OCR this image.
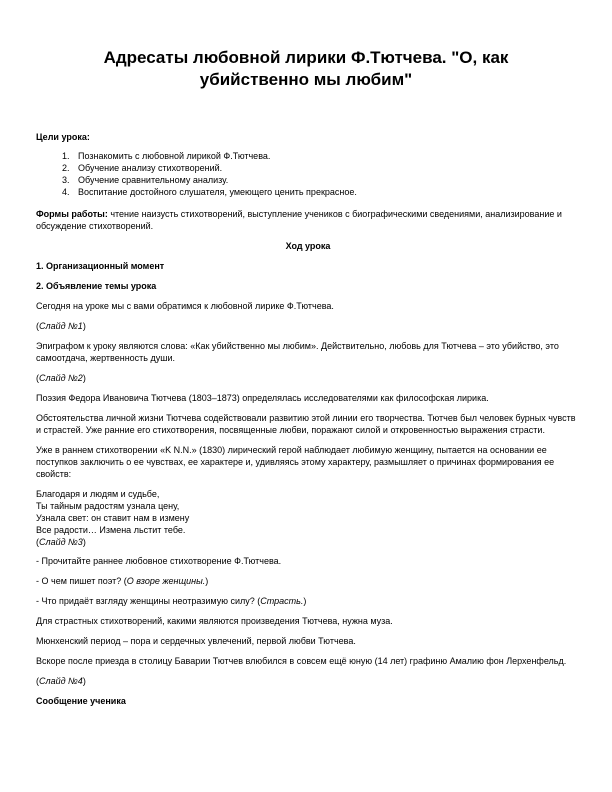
Адресаты любовной лирики Ф.Тютчева. "О, как убийственно мы любим"

Цели урока:

1. Познакомить с любовной лирикой Ф.Тютчева.
2. Обучение анализу стихотворений.
3. Обучение сравнительному анализу.
4. Воспитание достойного слушателя, умеющего ценить прекрасное.

Формы работы: чтение наизусть стихотворений, выступление учеников с биографическими сведениями, анализирование и обсуждение стихотворений.

Ход урока

1. Организационный момент

2. Объявление темы урока

Сегодня на уроке мы с вами обратимся к любовной лирике Ф.Тютчева.

(Слайд №1)

Эпиграфом к уроку являются слова: «Как убийственно мы любим». Действительно, любовь для Тютчева – это убийство, это самоотдача, жертвенность души.

(Слайд №2)

Поэзия Федора Ивановича Тютчева (1803–1873) определялась исследователями как философская лирика.

Обстоятельства личной жизни Тютчева содействовали развитию этой линии его творчества. Тютчев был человек бурных чувств и страстей. Уже ранние его стихотворения, посвященные любви, поражают силой и откровенностью выражения страсти.

Уже в раннем стихотворении «K N.N.» (1830) лирический герой наблюдает любимую женщину, пытается на основании ее поступков заключить о ее чувствах, ее характере и, удивляясь этому характеру, размышляет о причинах формирования ее свойств:

Благодаря и людям и судьбе,
Ты тайным радостям узнала цену,
Узнала свет: он ставит нам в измену
Все радости… Измена льстит тебе.
(Слайд №3)

- Прочитайте раннее любовное стихотворение Ф.Тютчева.

- О чем пишет поэт? (О взоре женщины.)

- Что придаёт взгляду женщины неотразимую силу? (Страсть.)

Для страстных стихотворений, какими являются произведения Тютчева, нужна муза.

Мюнхенский период – пора и сердечных увлечений, первой любви Тютчева.

Вскоре после приезда в столицу Баварии Тютчев влюбился в совсем ещё юную (14 лет) графиню Амалию фон Лерхенфельд.

(Слайд №4)

Сообщение ученика
